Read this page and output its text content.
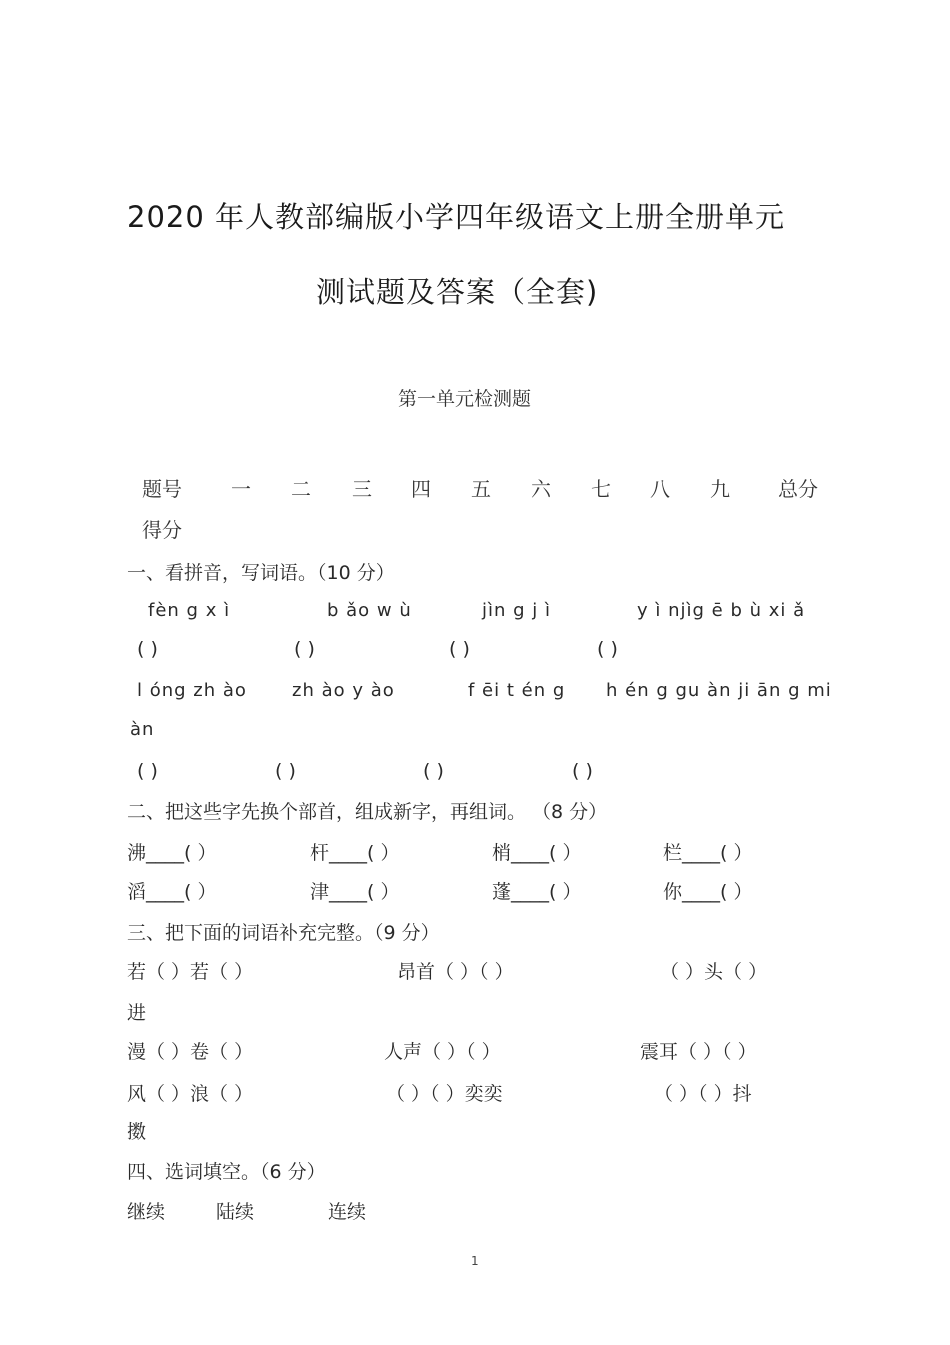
2020 年人教部编版小学四年级语文上册全册单元
测试题及答案（全套)
第一单元检测题
题号 一 二 三 四 五 六 七 八 九 总分
得分
一、看拼音，写词语。（10 分）
fèn g x ì	b ǎo w ù	jìn g j ì	y ì njìg ē b ù xi ǎ
( )	( )	( )	( )
l óng zh ào	zh ào y ào	f ēi t én g h én g gu àn ji ān g mi
àn
( )	( )	( )	( )
二、把这些字先换个部首，组成新字，再组词。 （8 分）
沸____( ）	杆____( ）	梢____( ）	栏____( ）
滔____( ）	津____( ）	蓬____( ）	你____( ）
三、把下面的词语补充完整。（9 分）
若（ ）若（ ）	昂首（ ）（ ）	（ ）头（ ）
进
漫（ ）卷（ ）	人声（ ）（ ）	震耳（ ）（ ）
风（ ）浪（ ）	（ ）（ ）奕奕	（ ）（ ）抖
擞
四、选词填空。（6 分）
继续	陆续	连续
1
